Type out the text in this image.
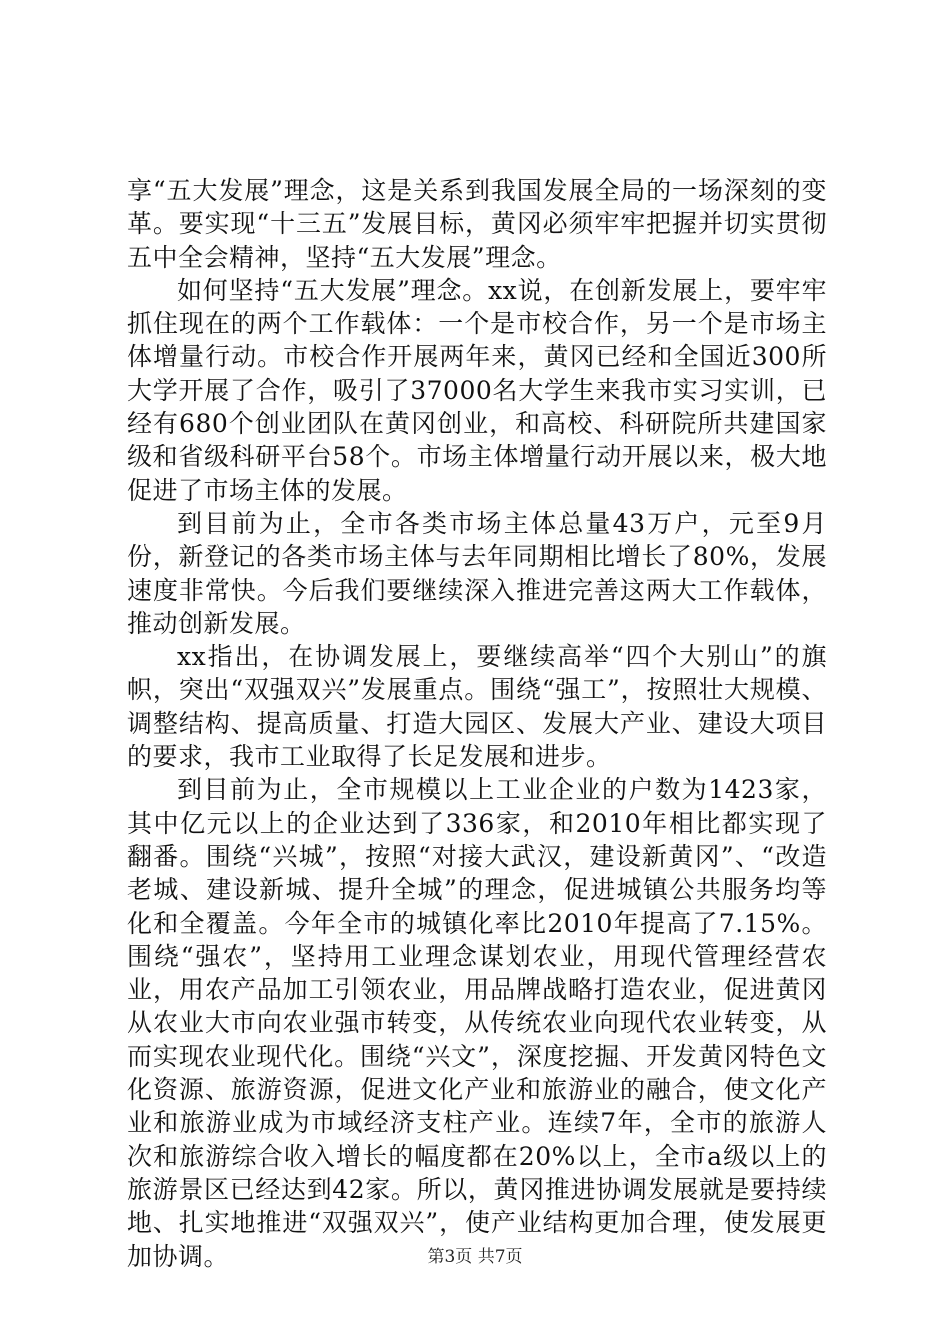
享“五大发展”理念，这是关系到我国发展全局的一场深刻的变革。要实现“十三五”发展目标，黄冈必须牢牢把握并切实贯彻五中全会精神，坚持“五大发展”理念。

如何坚持“五大发展”理念。xx说，在创新发展上，要牢牢抓住现在的两个工作载体：一个是市校合作，另一个是市场主体增量行动。市校合作开展两年来，黄冈已经和全国近300所大学开展了合作，吸引了37000名大学生来我市实习实训，已经有680个创业团队在黄冈创业，和高校、科研院所共建国家级和省级科研平台58个。市场主体增量行动开展以来，极大地促进了市场主体的发展。

到目前为止，全市各类市场主体总量43万户，元至9月份，新登记的各类市场主体与去年同期相比增长了80%，发展速度非常快。今后我们要继续深入推进完善这两大工作载体，推动创新发展。

xx指出，在协调发展上，要继续高举“四个大别山”的旗帜，突出“双强双兴”发展重点。围绕“强工”，按照壮大规模、调整结构、提高质量、打造大园区、发展大产业、建设大项目的要求，我市工业取得了长足发展和进步。

到目前为止，全市规模以上工业企业的户数为1423家，其中亿元以上的企业达到了336家，和2010年相比都实现了翻番。围绕“兴城”，按照“对接大武汉，建设新黄冈”、“改造老城、建设新城、提升全城”的理念，促进城镇公共服务均等化和全覆盖。今年全市的城镇化率比2010年提高了7.15%。围绕“强农”，坚持用工业理念谋划农业，用现代管理经营农业，用农产品加工引领农业，用品牌战略打造农业，促进黄冈从农业大市向农业强市转变，从传统农业向现代农业转变，从而实现农业现代化。围绕“兴文”，深度挖掘、开发黄冈特色文化资源、旅游资源，促进文化产业和旅游业的融合，使文化产业和旅游业成为市域经济支柱产业。连续7年，全市的旅游人次和旅游综合收入增长的幅度都在20%以上，全市a级以上的旅游景区已经达到42家。所以，黄冈推进协调发展就是要持续地、扎实地推进“双强双兴”，使产业结构更加合理，使发展更加协调。	第3页 共7页
